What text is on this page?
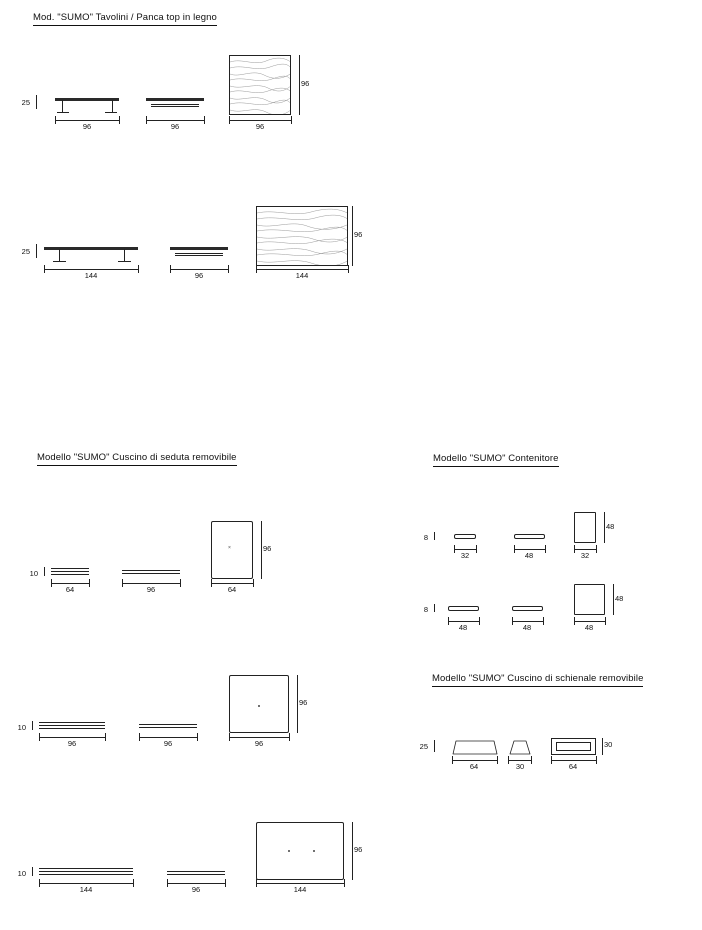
Mod. "SUMO" Tavolini / Panca top in legno
25
96	96
96
96
25
144	96
96
144
Modello "SUMO" Cuscino di seduta removibile
10
64	96
×	96
64
10
96	96
96
96
10
144	96
96
144
Modello "SUMO" Contenitore
8
32	48
48
32
8
48	48
48
48
Modello "SUMO" Cuscino di schienale removibile
25
64	30
30
64
